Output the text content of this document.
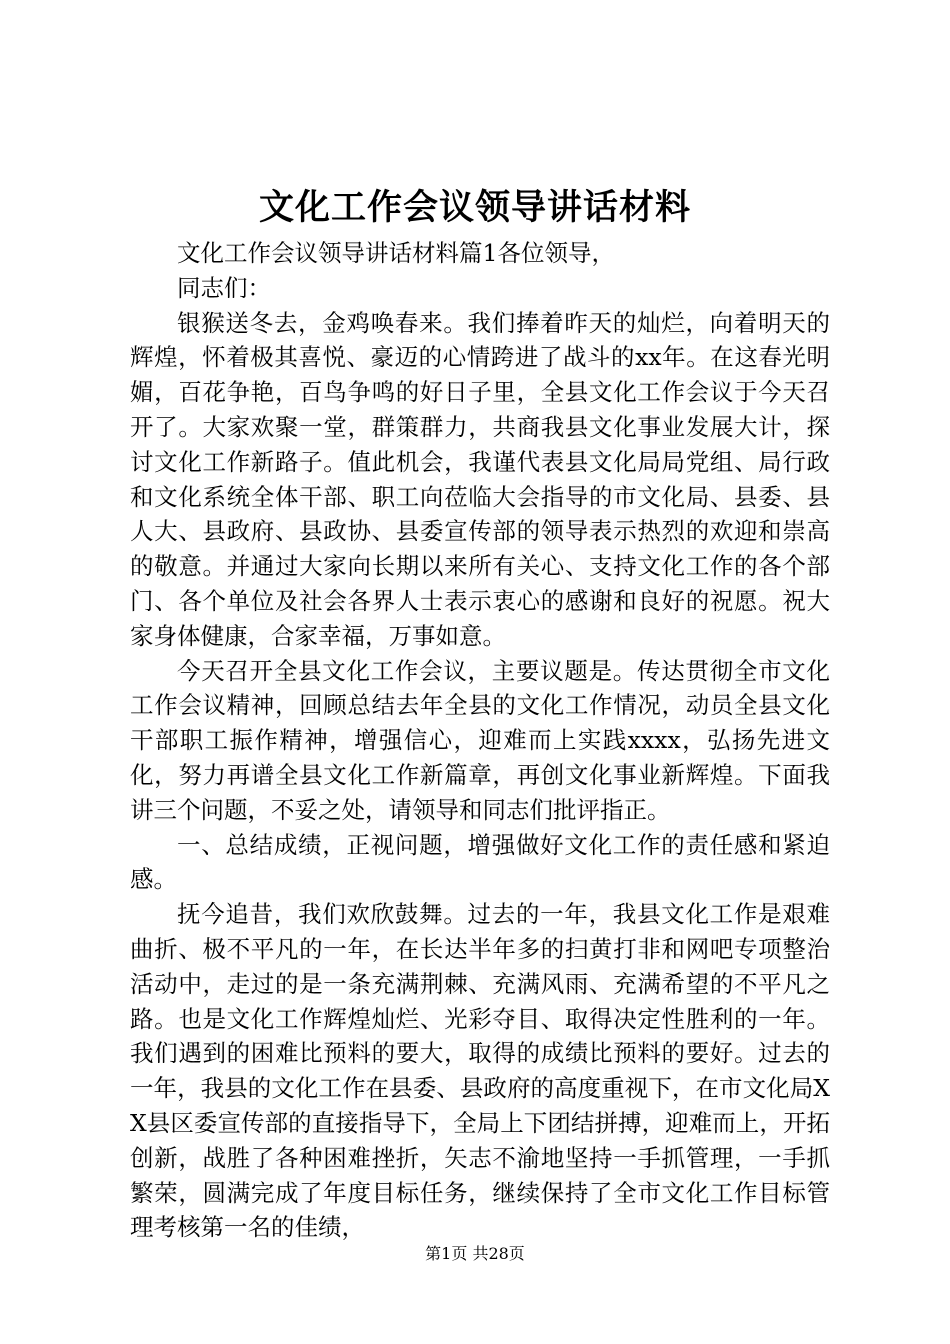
文化工作会议领导讲话材料

文化工作会议领导讲话材料篇1各位领导，

同志们：

银猴送冬去，金鸡唤春来。我们捧着昨天的灿烂，向着明天的辉煌，怀着极其喜悦、豪迈的心情跨进了战斗的xx年。在这春光明媚，百花争艳，百鸟争鸣的好日子里，全县文化工作会议于今天召开了。大家欢聚一堂，群策群力，共商我县文化事业发展大计，探讨文化工作新路子。值此机会，我谨代表县文化局局党组、局行政和文化系统全体干部、职工向莅临大会指导的市文化局、县委、县人大、县政府、县政协、县委宣传部的领导表示热烈的欢迎和崇高的敬意。并通过大家向长期以来所有关心、支持文化工作的各个部门、各个单位及社会各界人士表示衷心的感谢和良好的祝愿。祝大家身体健康，合家幸福，万事如意。

今天召开全县文化工作会议，主要议题是。传达贯彻全市文化工作会议精神，回顾总结去年全县的文化工作情况，动员全县文化干部职工振作精神，增强信心，迎难而上实践xxxx，弘扬先进文化，努力再谱全县文化工作新篇章，再创文化事业新辉煌。下面我讲三个问题，不妥之处，请领导和同志们批评指正。

一、总结成绩，正视问题，增强做好文化工作的责任感和紧迫感。

抚今追昔，我们欢欣鼓舞。过去的一年，我县文化工作是艰难曲折、极不平凡的一年，在长达半年多的扫黄打非和网吧专项整治活动中，走过的是一条充满荆棘、充满风雨、充满希望的不平凡之路。也是文化工作辉煌灿烂、光彩夺目、取得决定性胜利的一年。我们遇到的困难比预料的要大，取得的成绩比预料的要好。过去的一年，我县的文化工作在县委、县政府的高度重视下，在市文化局XX县区委宣传部的直接指导下，全局上下团结拼搏，迎难而上，开拓创新，战胜了各种困难挫折，矢志不渝地坚持一手抓管理，一手抓繁荣，圆满完成了年度目标任务，继续保持了全市文化工作目标管理考核第一名的佳绩，

第1页 共28页
